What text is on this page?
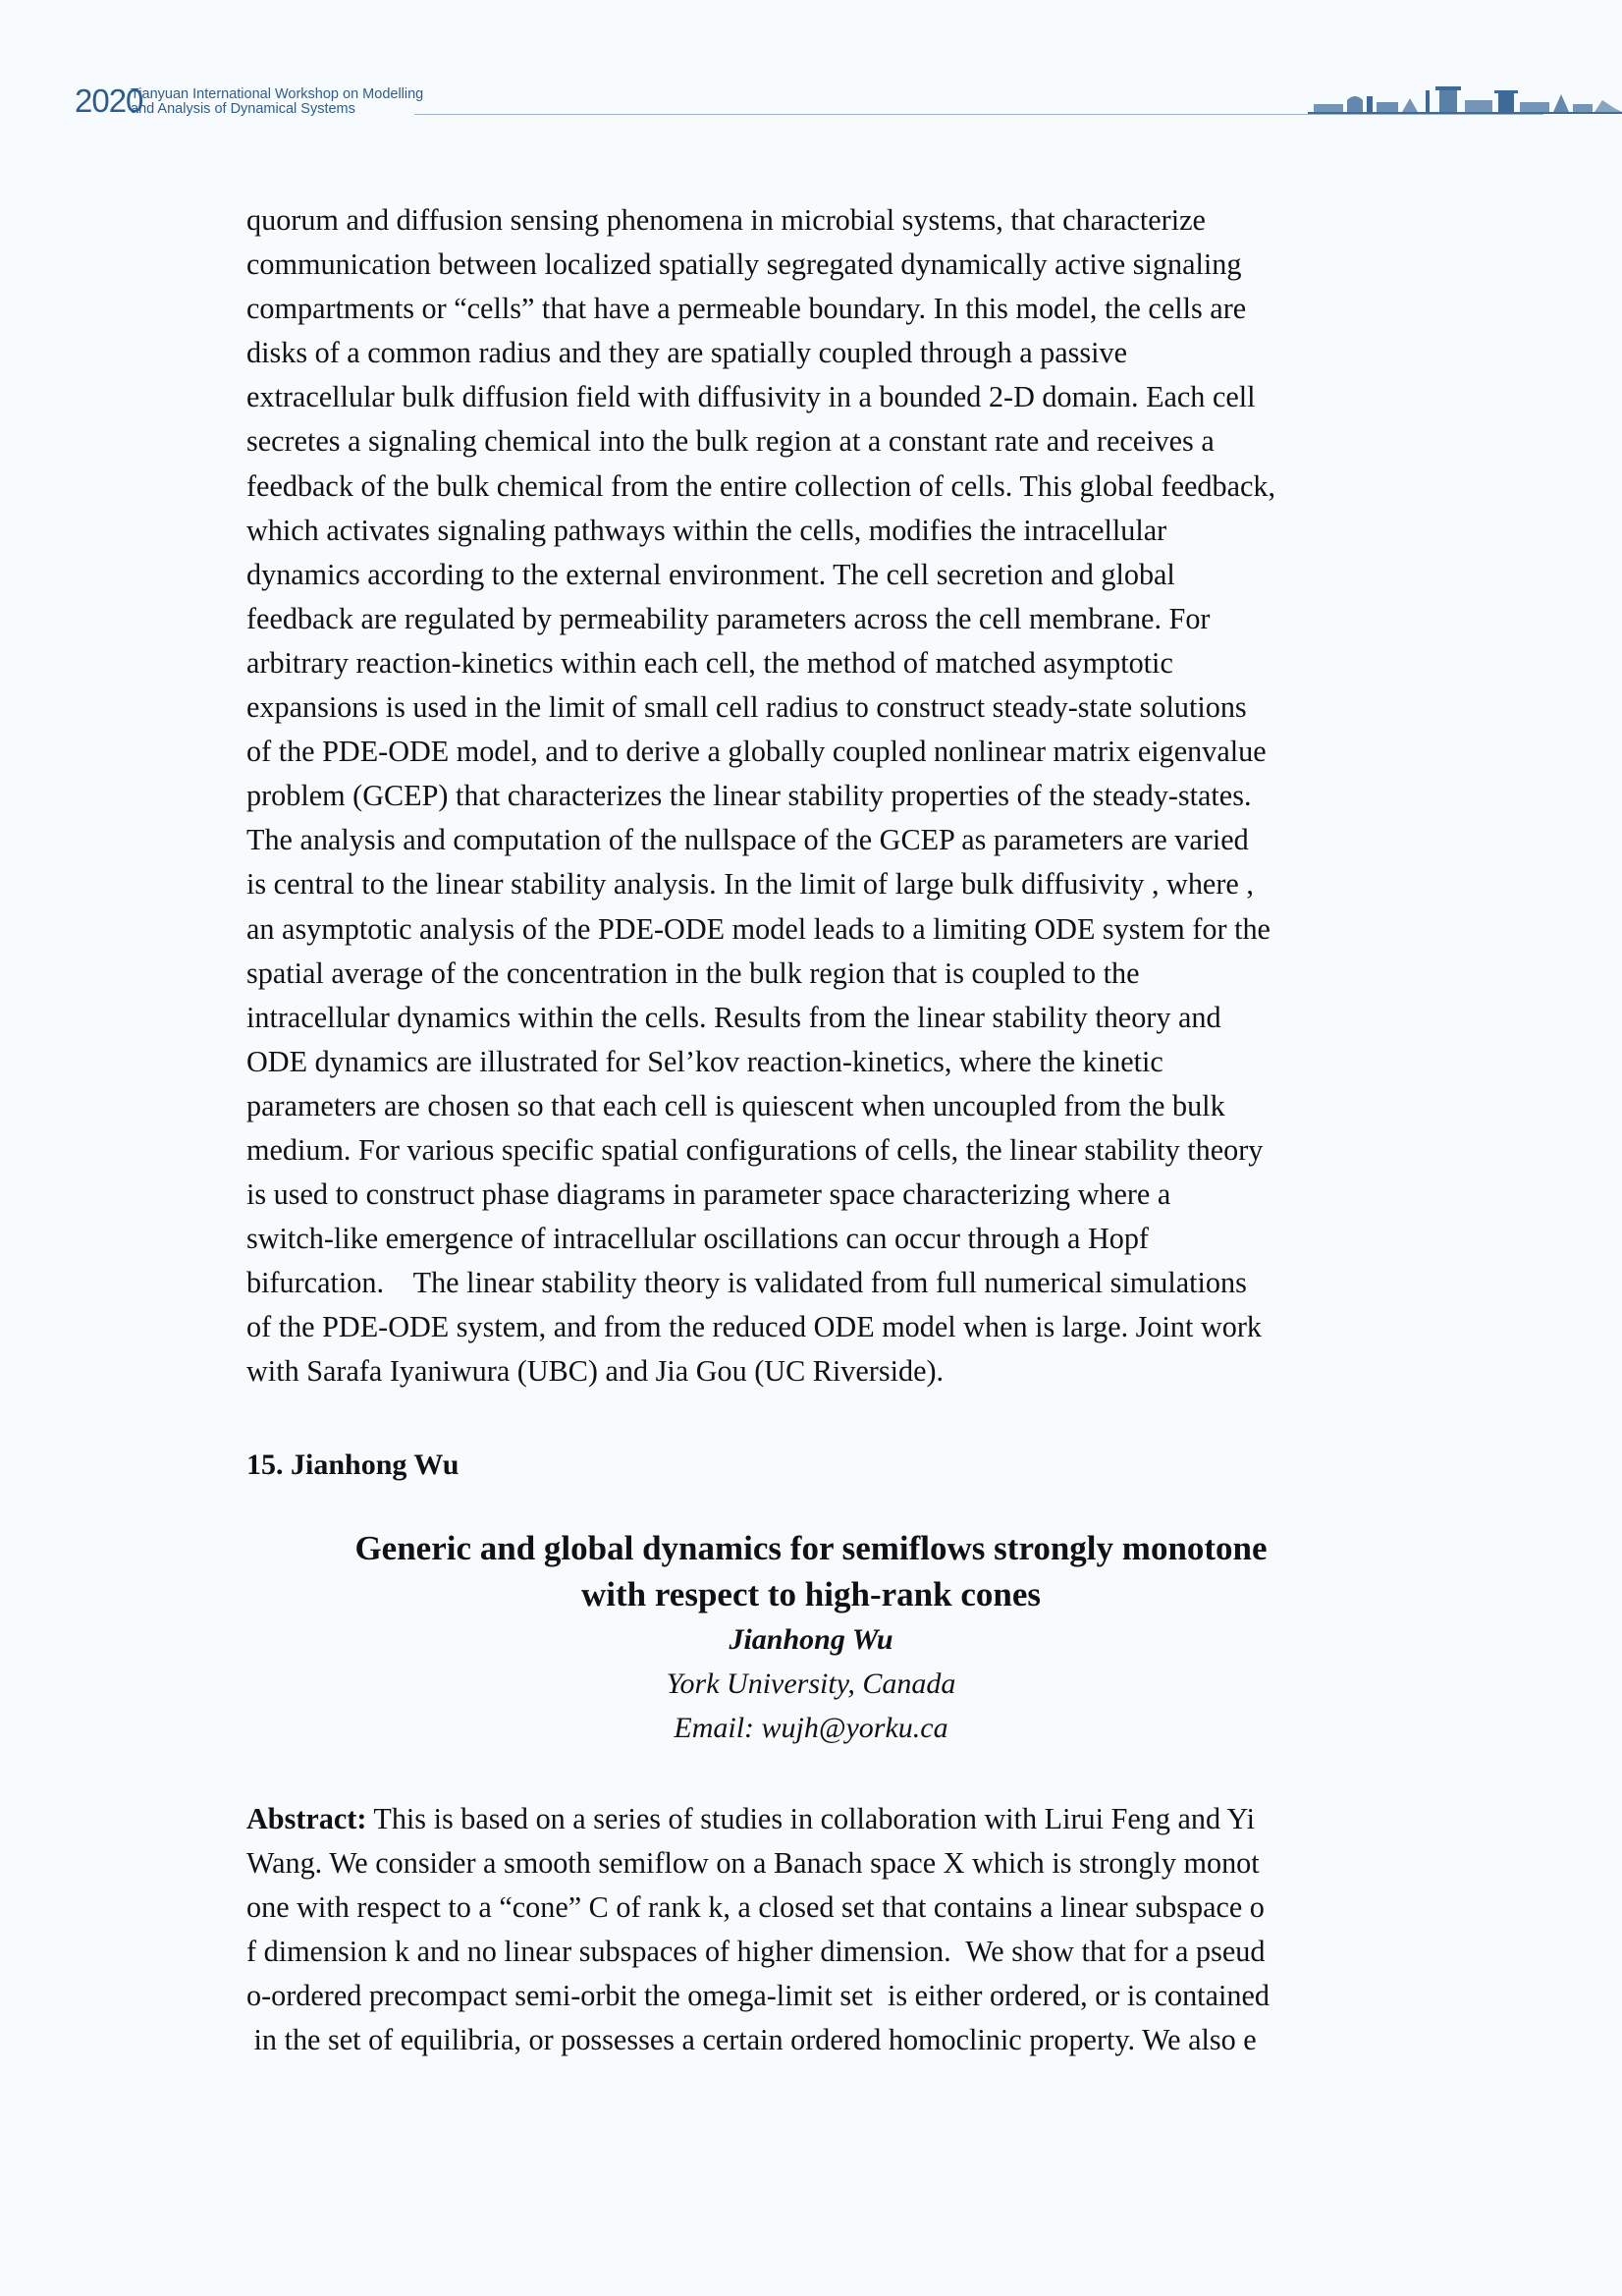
2020
Tianyuan International Workshop on Modelling
and Analysis of Dynamical Systems

quorum and diffusion sensing phenomena in microbial systems, that characterize

communication between localized spatially segregated dynamically active signaling

compartments or “cells” that have a permeable boundary. In this model, the cells are

disks of a common radius and they are spatially coupled through a passive

extracellular bulk diffusion field with diffusivity in a bounded 2-D domain. Each cell

secretes a signaling chemical into the bulk region at a constant rate and receives a

feedback of the bulk chemical from the entire collection of cells. This global feedback,

which activates signaling pathways within the cells, modifies the intracellular

dynamics according to the external environment. The cell secretion and global

feedback are regulated by permeability parameters across the cell membrane. For

arbitrary reaction-kinetics within each cell, the method of matched asymptotic

expansions is used in the limit of small cell radius to construct steady-state solutions

of the PDE-ODE model, and to derive a globally coupled nonlinear matrix eigenvalue

problem (GCEP) that characterizes the linear stability properties of the steady-states.

The analysis and computation of the nullspace of the GCEP as parameters are varied

is central to the linear stability analysis. In the limit of large bulk diffusivity , where ,

an asymptotic analysis of the PDE-ODE model leads to a limiting ODE system for the

spatial average of the concentration in the bulk region that is coupled to the

intracellular dynamics within the cells. Results from the linear stability theory and

ODE dynamics are illustrated for Sel’kov reaction-kinetics, where the kinetic

parameters are chosen so that each cell is quiescent when uncoupled from the bulk

medium. For various specific spatial configurations of cells, the linear stability theory

is used to construct phase diagrams in parameter space characterizing where a

switch-like emergence of intracellular oscillations can occur through a Hopf

bifurcation.    The linear stability theory is validated from full numerical simulations

of the PDE-ODE system, and from the reduced ODE model when is large. Joint work

with Sarafa Iyaniwura (UBC) and Jia Gou (UC Riverside).

15. Jianhong Wu
Generic and global dynamics for semiflows strongly monotone
with respect to high-rank cones
Jianhong Wu
York University, Canada
Email: wujh@yorku.ca

Abstract: This is based on a series of studies in collaboration with Lirui Feng and Yi

Wang. We consider a smooth semiflow on a Banach space X which is strongly monot

one with respect to a “cone” C of rank k, a closed set that contains a linear subspace o

f dimension k and no linear subspaces of higher dimension.  We show that for a pseud

o-ordered precompact semi-orbit the omega-limit set  is either ordered, or is contained

in the set of equilibria, or possesses a certain ordered homoclinic property. We also e
